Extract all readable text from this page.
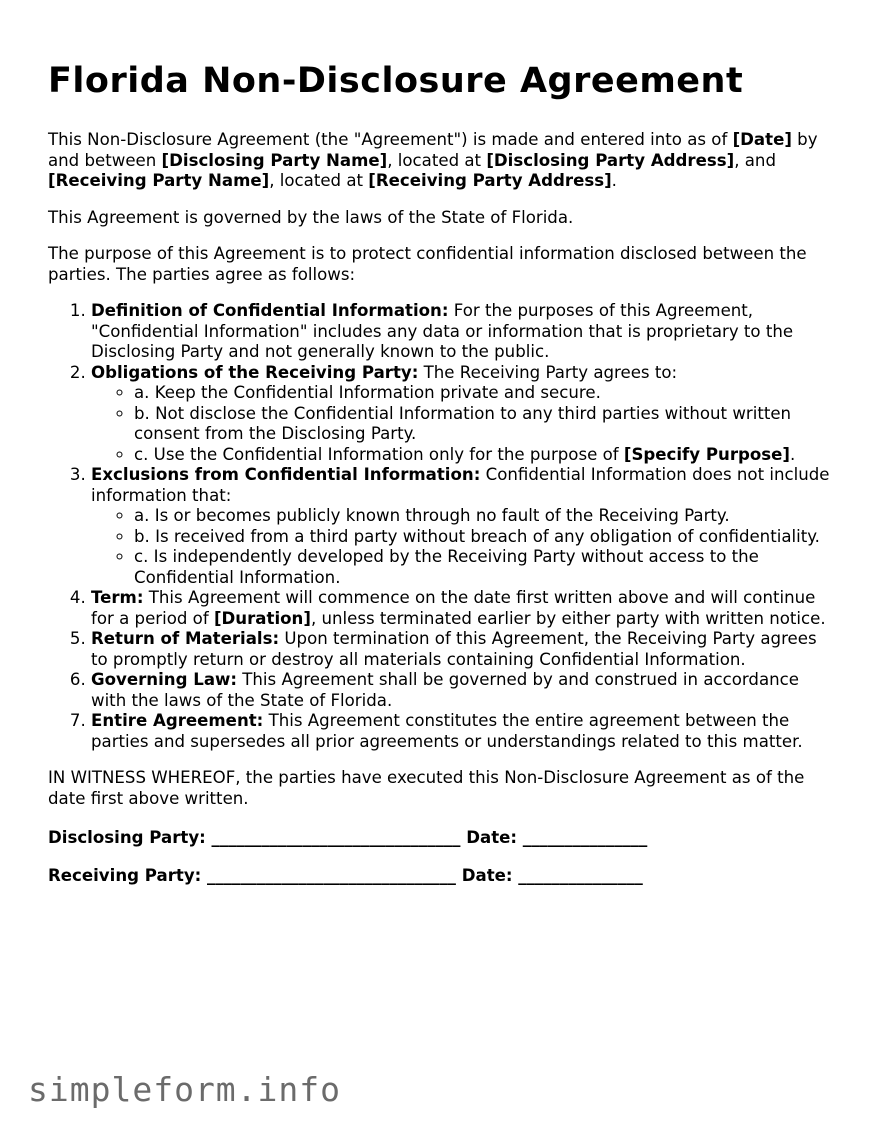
Florida Non-Disclosure Agreement

This Non-Disclosure Agreement (the "Agreement") is made and entered into as of [Date] by and between [Disclosing Party Name], located at [Disclosing Party Address], and [Receiving Party Name], located at [Receiving Party Address].

This Agreement is governed by the laws of the State of Florida.

The purpose of this Agreement is to protect confidential information disclosed between the parties. The parties agree as follows:

1. Definition of Confidential Information: For the purposes of this Agreement, "Confidential Information" includes any data or information that is proprietary to the Disclosing Party and not generally known to the public.
2. Obligations of the Receiving Party: The Receiving Party agrees to:
◦ a. Keep the Confidential Information private and secure.
◦ b. Not disclose the Confidential Information to any third parties without written consent from the Disclosing Party.
◦ c. Use the Confidential Information only for the purpose of [Specify Purpose].
3. Exclusions from Confidential Information: Confidential Information does not include information that:
◦ a. Is or becomes publicly known through no fault of the Receiving Party.
◦ b. Is received from a third party without breach of any obligation of confidentiality.
◦ c. Is independently developed by the Receiving Party without access to the Confidential Information.
4. Term: This Agreement will commence on the date first written above and will continue for a period of [Duration], unless terminated earlier by either party with written notice.
5. Return of Materials: Upon termination of this Agreement, the Receiving Party agrees to promptly return or destroy all materials containing Confidential Information.
6. Governing Law: This Agreement shall be governed by and construed in accordance with the laws of the State of Florida.
7. Entire Agreement: This Agreement constitutes the entire agreement between the parties and supersedes all prior agreements or understandings related to this matter.

IN WITNESS WHEREOF, the parties have executed this Non-Disclosure Agreement as of the date first above written.

Disclosing Party: ______________________________ Date: _______________
Receiving Party: ______________________________ Date: _______________
simpleform.info
